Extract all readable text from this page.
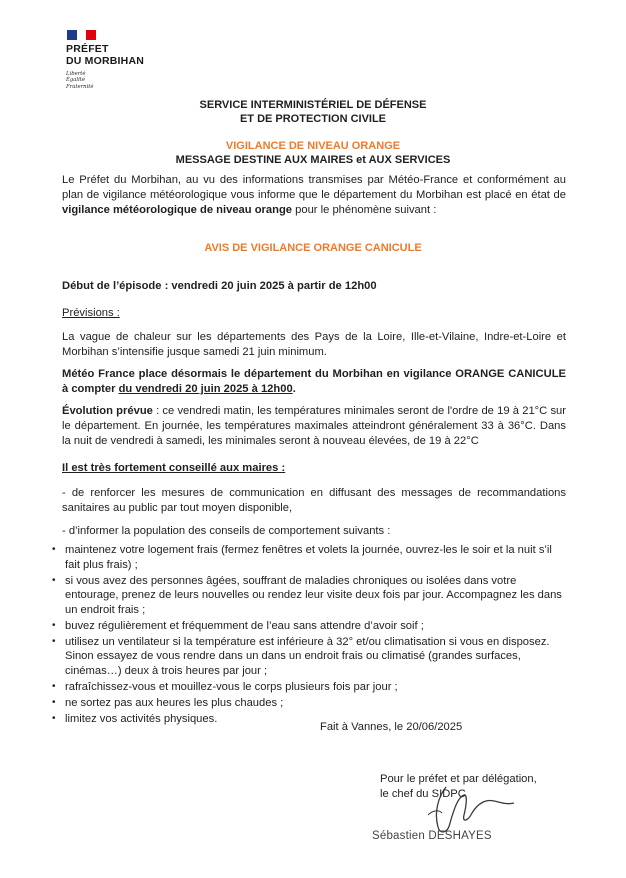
PRÉFET
DU MORBIHAN
Liberté
Égalité
Fraternité
SERVICE INTERMINISTÉRIEL DE DÉFENSE
ET DE PROTECTION CIVILE
VIGILANCE DE NIVEAU ORANGE
MESSAGE DESTINE AUX MAIRES et AUX SERVICES
Le Préfet du Morbihan, au vu des informations transmises par Météo-France et conformément au plan de vigilance météorologique vous informe que le département du Morbihan est placé en état de vigilance météorologique de niveau orange pour le phénomène suivant :
AVIS DE VIGILANCE ORANGE CANICULE
Début de l’épisode : vendredi 20 juin 2025 à partir de 12h00
Prévisions :
La vague de chaleur sur les départements des Pays de la Loire, Ille-et-Vilaine, Indre-et-Loire et Morbihan s’intensifie jusque samedi 21 juin minimum.
Météo France place désormais le département du Morbihan en vigilance ORANGE CANICULE à compter du vendredi 20 juin 2025 à 12h00.
Évolution prévue : ce vendredi matin, les températures minimales seront de l'ordre de 19 à 21°C sur le département. En journée, les températures maximales atteindront généralement 33 à 36°C. Dans la nuit de vendredi à samedi, les minimales seront à nouveau élevées, de 19 à 22°C
Il est très fortement conseillé aux maires :
- de renforcer les mesures de communication en diffusant des messages de recommandations sanitaires au public par tout moyen disponible,
- d’informer la population des conseils de comportement suivants :
• maintenez votre logement frais (fermez fenêtres et volets la journée, ouvrez-les le soir et la nuit s’il fait plus frais) ;
• si vous avez des personnes âgées, souffrant de maladies chroniques ou isolées dans votre entourage, prenez de leurs nouvelles ou rendez leur visite deux fois par jour. Accompagnez les dans un endroit frais ;
• buvez régulièrement et fréquemment de l’eau sans attendre d’avoir soif ;
• utilisez un ventilateur si la température est inférieure à 32° et/ou climatisation si vous en disposez. Sinon essayez de vous rendre dans un dans un endroit frais ou climatisé (grandes surfaces, cinémas…) deux à trois heures par jour ;
• rafraîchissez-vous et mouillez-vous le corps plusieurs fois par jour ;
• ne sortez pas aux heures les plus chaudes ;
• limitez vos activités physiques.
Fait à Vannes, le 20/06/2025
Pour le préfet et par délégation,
le chef du SIDPC
Sébastien DESHAYES
